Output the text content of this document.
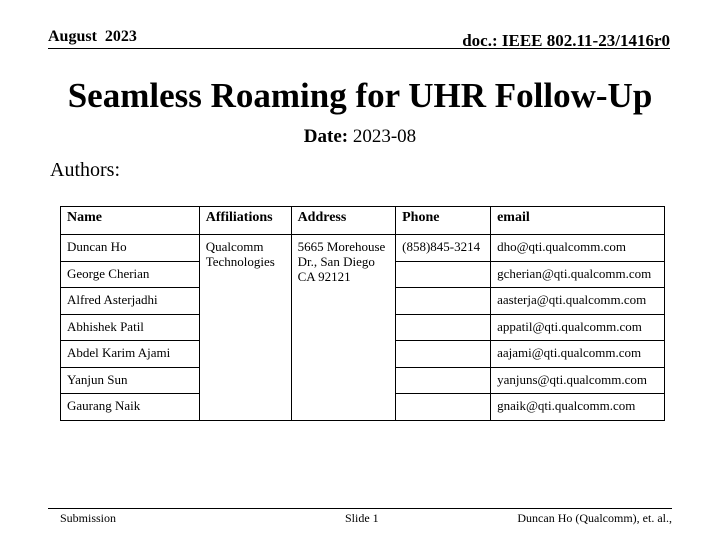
August  2023	doc.: IEEE 802.11-23/1416r0
Seamless Roaming for UHR Follow-Up
Date: 2023-08
Authors:
Name	Affiliations	Address	Phone	email
Duncan Ho	Qualcomm Technologies	5665 Morehouse Dr., San Diego CA 92121	(858)845-3214	dho@qti.qualcomm.com
George Cherian				gcherian@qti.qualcomm.com
Alfred Asterjadhi				aasterja@qti.qualcomm.com
Abhishek Patil				appatil@qti.qualcomm.com
Abdel Karim Ajami				aajami@qti.qualcomm.com
Yanjun Sun				yanjuns@qti.qualcomm.com
Gaurang Naik				gnaik@qti.qualcomm.com
Submission	Slide 1	Duncan Ho (Qualcomm), et. al.,
